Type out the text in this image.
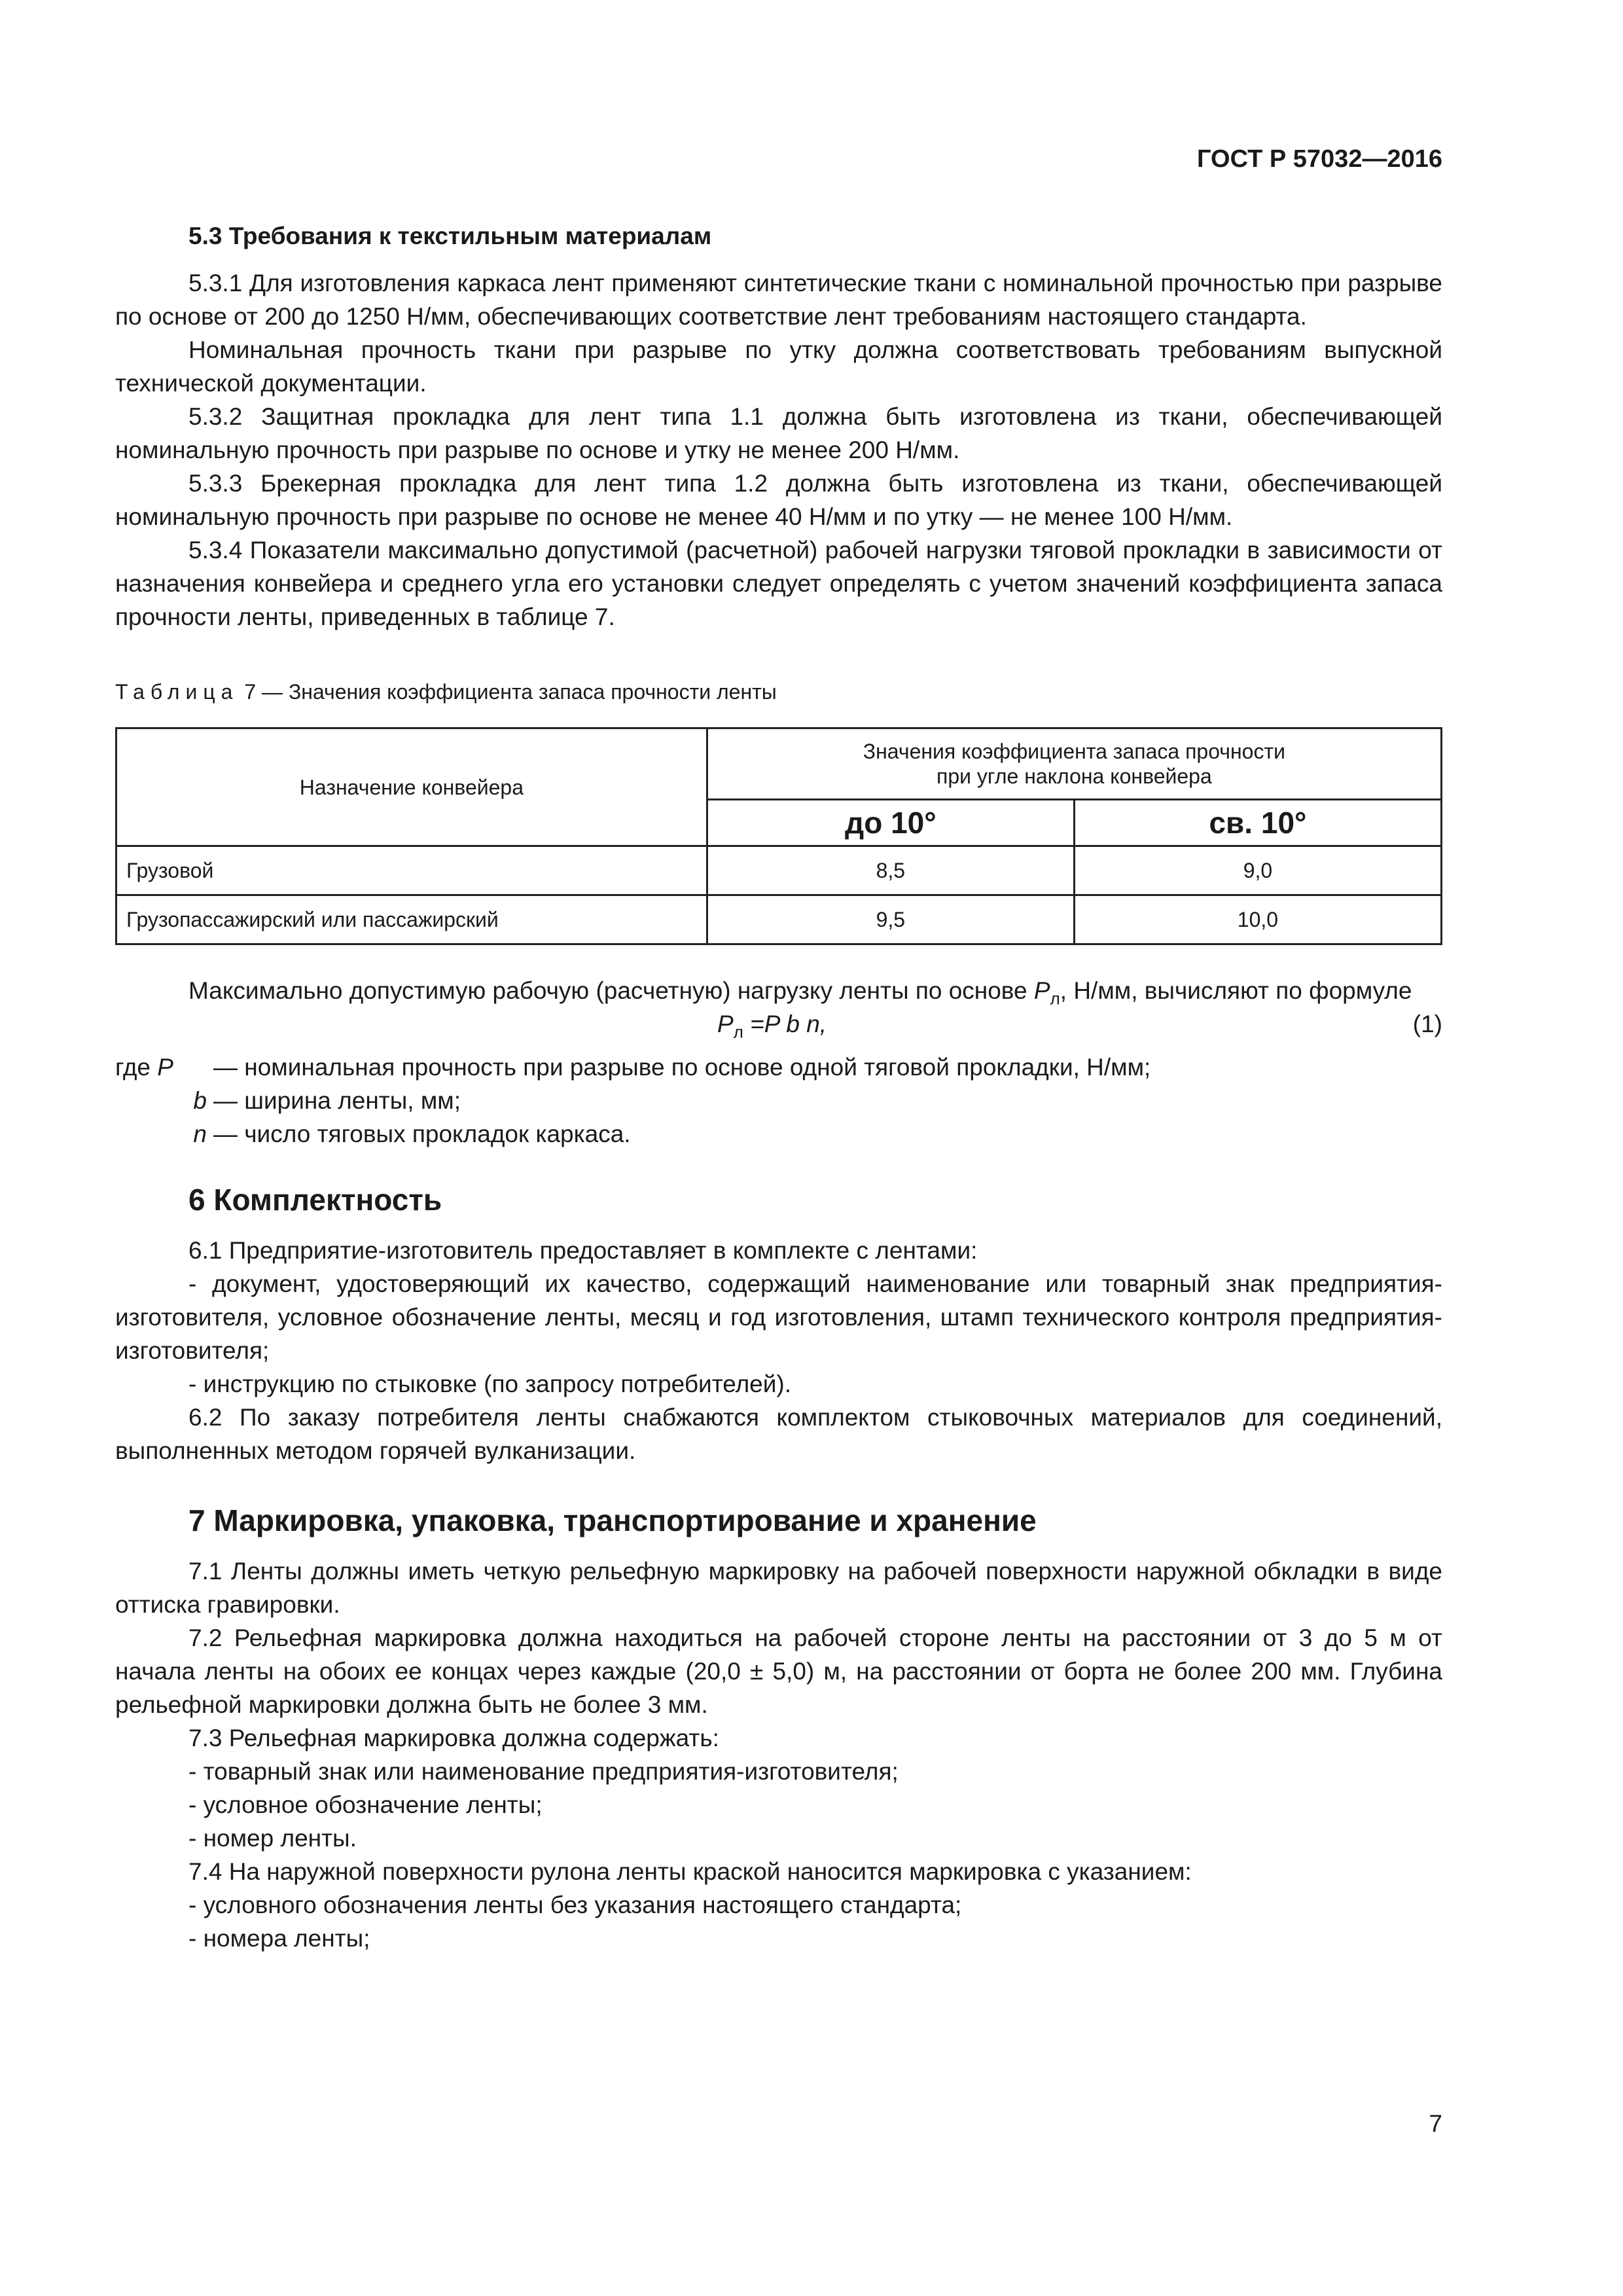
ГОСТ Р 57032—2016
5.3 Требования к текстильным материалам

5.3.1 Для изготовления каркаса лент применяют синтетические ткани с номинальной прочностью при разрыве по основе от 200 до 1250 Н/мм, обеспечивающих соответствие лент требованиям настоящего стандарта.

Номинальная прочность ткани при разрыве по утку должна соответствовать требованиям выпускной технической документации.

5.3.2 Защитная прокладка для лент типа 1.1 должна быть изготовлена из ткани, обеспечивающей номинальную прочность при разрыве по основе и утку не менее 200 Н/мм.

5.3.3 Брекерная прокладка для лент типа 1.2 должна быть изготовлена из ткани, обеспечивающей номинальную прочность при разрыве по основе не менее 40 Н/мм и по утку — не менее 100 Н/мм.

5.3.4 Показатели максимально допустимой (расчетной) рабочей нагрузки тяговой прокладки в зависимости от назначения конвейера и среднего угла его установки следует определять с учетом значений коэффициента запаса прочности ленты, приведенных в таблице 7.

Таблица 7 — Значения коэффициента запаса прочности ленты
Назначение конвейера	Значения коэффициента запаса прочности
при угле наклона конвейера	

	до 10°	св. 10°
Грузовой	8,5	9,0
Грузопассажирский или пассажирский	9,5	10,0

Максимально допустимую рабочую (расчетную) нагрузку ленты по основе $P_л$, Н/мм, вычисляют по формуле

$P_л =P$ b n,	(1)
где P	— номинальная прочность при разрыве по основе одной тяговой прокладки, Н/мм;
b — ширина ленты, мм;
n — число тяговых прокладок каркаса.
6 Комплектность

6.1 Предприятие-изготовитель предоставляет в комплекте с лентами:

- документ, удостоверяющий их качество, содержащий наименование или товарный знак предприятия-изготовителя, условное обозначение ленты, месяц и год изготовления, штамп технического контроля предприятия-изготовителя;

- инструкцию по стыковке (по запросу потребителей).

6.2 По заказу потребителя ленты снабжаются комплектом стыковочных материалов для соединений, выполненных методом горячей вулканизации.

7 Маркировка, упаковка, транспортирование и хранение

7.1 Ленты должны иметь четкую рельефную маркировку на рабочей поверхности наружной обкладки в виде оттиска гравировки.

7.2 Рельефная маркировка должна находиться на рабочей стороне ленты на расстоянии от 3 до 5 м от начала ленты на обоих ее концах через каждые (20,0 ± 5,0) м, на расстоянии от борта не более 200 мм. Глубина рельефной маркировки должна быть не более 3 мм.

7.3 Рельефная маркировка должна содержать:

- товарный знак или наименование предприятия-изготовителя;

- условное обозначение ленты;

- номер ленты.

7.4 На наружной поверхности рулона ленты краской наносится маркировка с указанием:

- условного обозначения ленты без указания настоящего стандарта;

- номера ленты;

7
